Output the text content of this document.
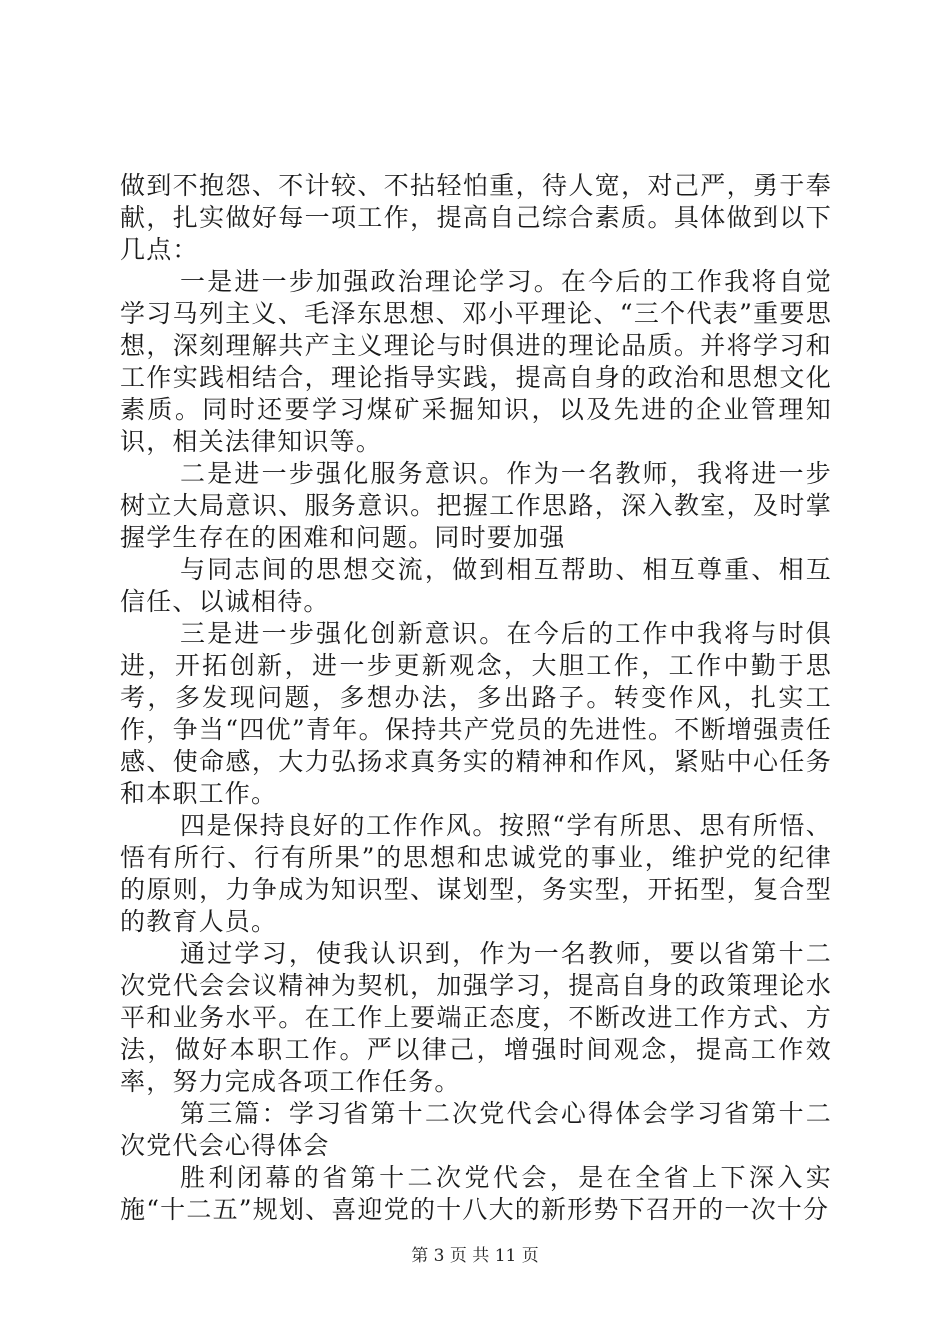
做到不抱怨、不计较、不拈轻怕重，待人宽，对己严，勇于奉献，扎实做好每一项工作，提高自己综合素质。具体做到以下几点：

一是进一步加强政治理论学习。在今后的工作我将自觉学习马列主义、毛泽东思想、邓小平理论、“三个代表”重要思想，深刻理解共产主义理论与时俱进的理论品质。并将学习和工作实践相结合，理论指导实践，提高自身的政治和思想文化素质。同时还要学习煤矿采掘知识，以及先进的企业管理知识，相关法律知识等。

二是进一步强化服务意识。作为一名教师，我将进一步树立大局意识、服务意识。把握工作思路，深入教室，及时掌握学生存在的困难和问题。同时要加强

与同志间的思想交流，做到相互帮助、相互尊重、相互信任、以诚相待。

三是进一步强化创新意识。在今后的工作中我将与时俱进，开拓创新，进一步更新观念，大胆工作，工作中勤于思考，多发现问题，多想办法，多出路子。转变作风，扎实工作，争当“四优”青年。保持共产党员的先进性。不断增强责任感、使命感，大力弘扬求真务实的精神和作风，紧贴中心任务和本职工作。

四是保持良好的工作作风。按照“学有所思、思有所悟、悟有所行、行有所果”的思想和忠诚党的事业，维护党的纪律的原则，力争成为知识型、谋划型，务实型，开拓型，复合型的教育人员。

通过学习，使我认识到，作为一名教师，要以省第十二次党代会会议精神为契机，加强学习，提高自身的政策理论水平和业务水平。在工作上要端正态度，不断改进工作方式、方法，做好本职工作。严以律己，增强时间观念，提高工作效率，努力完成各项工作任务。

第三篇：学习省第十二次党代会心得体会学习省第十二次党代会心得体会

胜利闭幕的省第十二次党代会，是在全省上下深入实施“十二五”规划、喜迎党的十八大的新形势下召开的一次十分

第 3 页 共 11 页
